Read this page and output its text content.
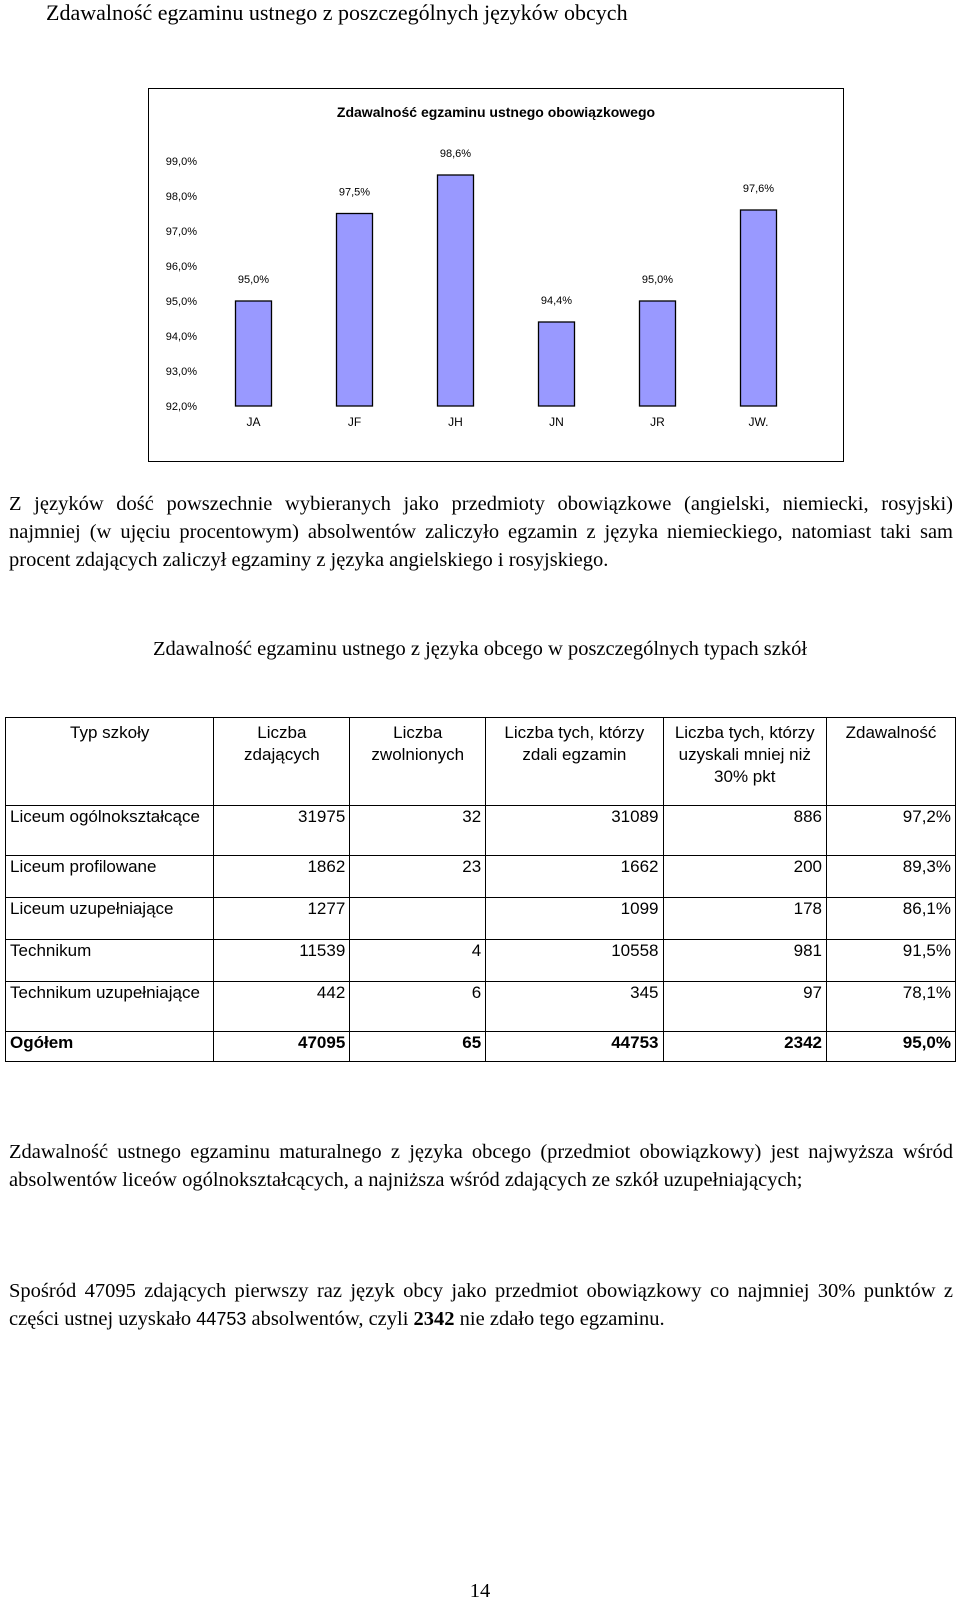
Zdawalność egzaminu ustnego z poszczególnych języków obcych
Zdawalność egzaminu ustnego obowiązkowego
99,0%
98,0%
97,0%
96,0%
95,0%
94,0%
93,0%
92,0%
95,0%
JA
97,5%
JF
98,6%
JH
94,4%
JN
95,0%
JR
97,6%
JW.
Z języków dość powszechnie wybieranych jako przedmioty obowiązkowe (angielski, niemiecki, rosyjski) najmniej (w ujęciu procentowym) absolwentów zaliczyło egzamin z języka niemieckiego, natomiast taki sam procent zdających zaliczył egzaminy z języka angielskiego i rosyjskiego.
Zdawalność egzaminu ustnego z języka obcego w poszczególnych typach szkół
Typ szkoły	Liczba zdających	Liczba zwolnionych	Liczba tych, którzy zdali egzamin	Liczba tych, którzy uzyskali mniej niż 30% pkt	Zdawalność
Liceum ogólnokształcące	31975	32	31089	886	97,2%
Liceum profilowane	1862	23	1662	200	89,3%
Liceum uzupełniające	1277		1099	178	86,1%
Technikum	11539	4	10558	981	91,5%
Technikum uzupełniające	442	6	345	97	78,1%
Ogółem	47095	65	44753	2342	95,0%
Zdawalność ustnego egzaminu maturalnego z języka obcego (przedmiot obowiązkowy) jest najwyższa wśród absolwentów liceów ogólnokształcących, a najniższa wśród zdających ze szkół uzupełniających;
Spośród 47095 zdających pierwszy raz język obcy jako przedmiot obowiązkowy co najmniej 30% punktów z części ustnej uzyskało 44753 absolwentów, czyli 2342 nie zdało tego egzaminu.
14
